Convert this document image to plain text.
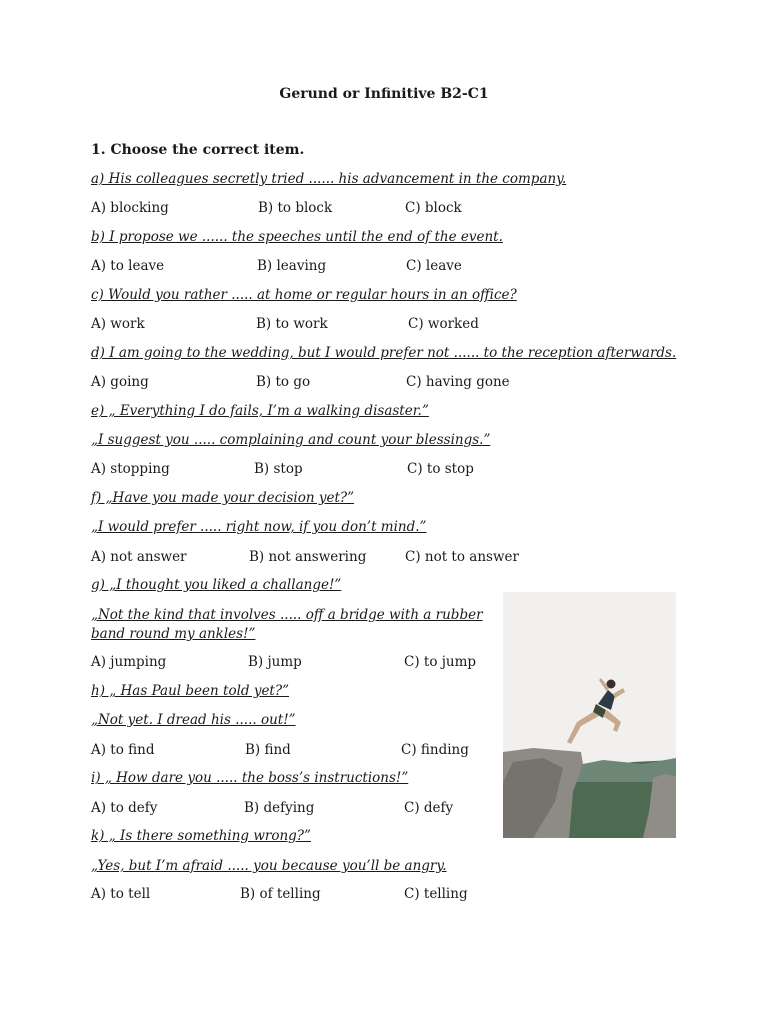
Gerund or Infinitive B2-C1
1. Choose the correct item.
a) His colleagues secretly tried ...... his advancement in the company.
A) blocking	B) to block	C) block
b) I propose we ...... the speeches until the end of the event.
A) to leave	B) leaving	C) leave
c) Would you rather ..... at home or regular hours in an office?
A) work	B) to work	C) worked
d) I am going to the wedding, but I would prefer not ...... to the reception afterwards.
A) going	B) to go	C) having gone
e) „ Everything I do fails, I’m a walking disaster.”
„I suggest you ..... complaining and count your blessings.”
A) stopping	B) stop	C) to stop
f) „Have you made your decision yet?”
„I would prefer ..... right now, if you don’t mind.”
A) not answer	B) not answering	C) not to answer
g) „I thought you liked a challange!”
„Not the kind that involves ..... off a bridge with a rubber band round my ankles!”
A) jumping	B) jump	C) to jump
h) „ Has Paul been told yet?”
„Not yet. I dread his ..... out!”
A) to find	B) find	C) finding
i) „ How dare you ..... the boss’s instructions!”
A) to defy	B) defying	C) defy
k) „ Is there something wrong?”
„Yes, but I’m afraid ..... you because you’ll be angry.
A) to tell	B) of telling	C) telling
